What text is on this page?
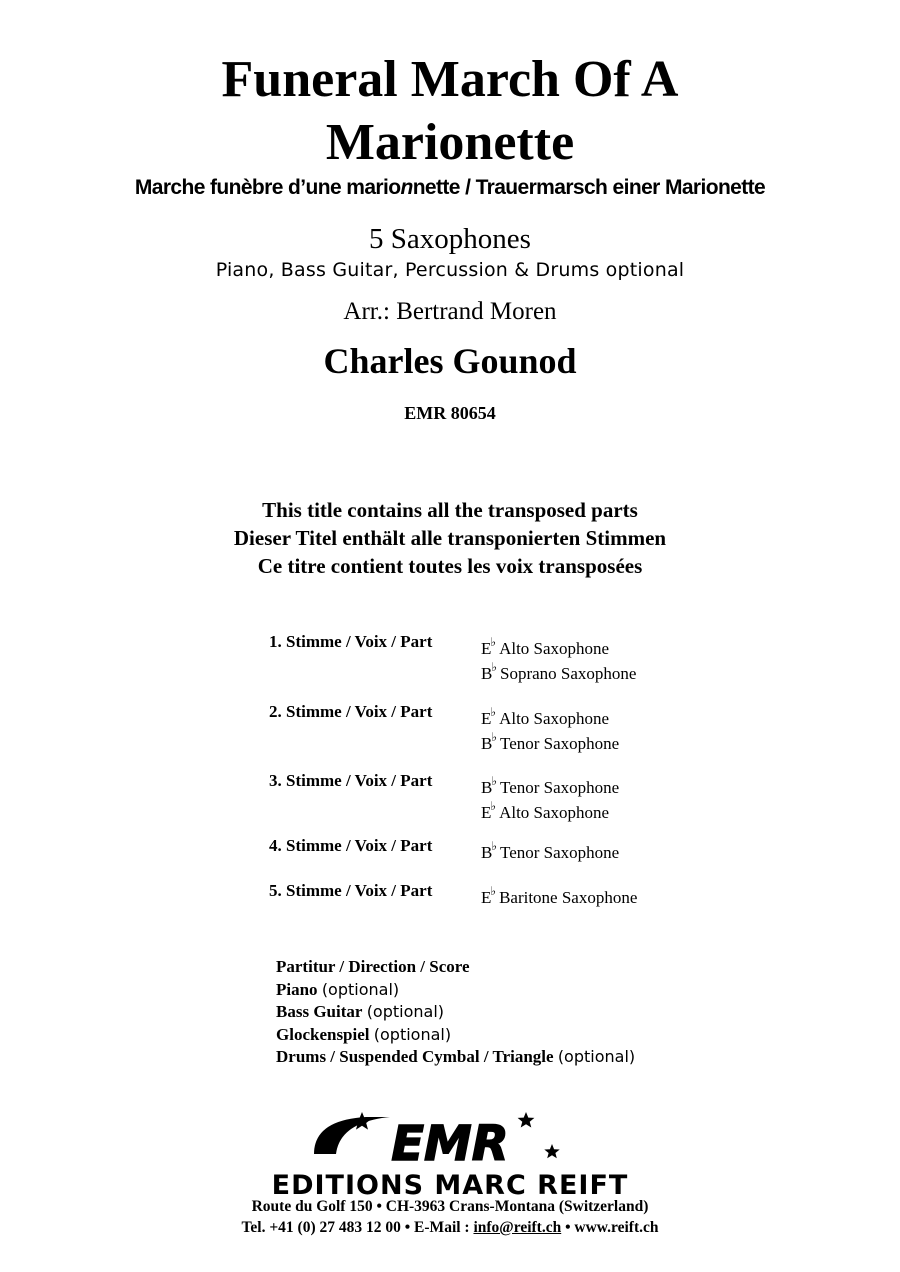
Funeral March Of A
Marionette
Marche funèbre d’une marionnette / Trauermarsch einer Marionette
5 Saxophones
Piano, Bass Guitar, Percussion & Drums optional
Arr.: Bertrand Moren
Charles Gounod
EMR 80654
This title contains all the transposed parts
Dieser Titel enthält alle transponierten Stimmen
Ce titre contient toutes les voix transposées
1. Stimme / Voix / Part	E♭ Alto Saxophone
B♭ Soprano Saxophone
2. Stimme / Voix / Part	E♭ Alto Saxophone
B♭ Tenor Saxophone
3. Stimme / Voix / Part	B♭ Tenor Saxophone
E♭ Alto Saxophone
4. Stimme / Voix / Part	B♭ Tenor Saxophone
5. Stimme / Voix / Part	E♭ Baritone Saxophone
Partitur / Direction / Score
Piano (optional)
Bass Guitar (optional)
Glockenspiel (optional)
Drums / Suspended Cymbal / Triangle (optional)
EMR
EDITIONS MARC REIFT
Route du Golf 150 • CH-3963 Crans-Montana (Switzerland)
Tel. +41 (0) 27 483 12 00 • E-Mail : info@reift.ch • www.reift.ch
